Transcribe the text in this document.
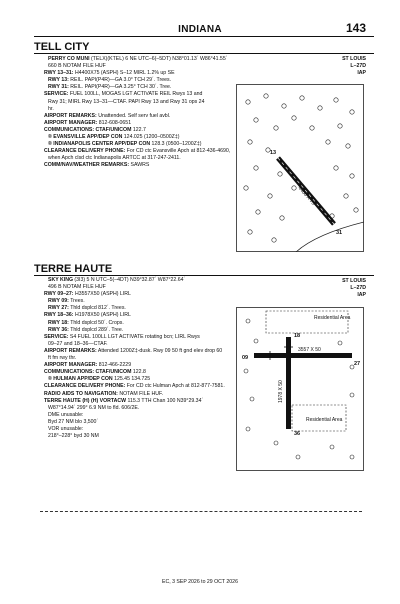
INDIANA	143
TELL CITY
ST LOUIS
L–27D
IAP
PERRY CO MUNI (TELX)(KTEL) 6 NE UTC–6(–5DT) N38°01.13´ W86°41.55´
660 B NOTAM FILE HUF
RWY 13–31: H4400X75 (ASPH) S–12 MIRL 1.2% up SE
RWY 13: REIL. PAPI(P4R)—GA 3.0° TCH 29´. Trees.
RWY 31: REIL. PAPI(P4R)—GA 3.25° TCH 30´. Tree.
SERVICE: FUEL 100LL, MOGAS LGT ACTIVATE REIL Rwys 13 and
Rwy 31; MIRL Rwy 13–31—CTAF. PAPI Rwy 13 and Rwy 31 ops 24
hr.
AIRPORT REMARKS: Unattended. Self serv fuel avbl.
AIRPORT MANAGER: 812-608-0651
COMMUNICATIONS: CTAF/UNICOM 122.7
® EVANSVILLE APP/DEP CON 124.025 (1200–0500Z‡)
® INDIANAPOLIS CENTER APP/DEP CON 128.3 (0500–1200Z‡)
CLEARANCE DELIVERY PHONE: For CD ctc Evansville Apch at 812-436-4690,
when Apch clsd ctc Indianapolis ARTCC at 317-247-2411.
COMM/NAV/WEATHER REMARKS: SAWRS
4400 X 75
13
31
TERRE HAUTE
ST LOUIS
L–27D
IAP
SKY KING (3I3) 5 N UTC–5(–4DT) N39°32.87´ W87°22.64´
496 B NOTAM FILE HUF
RWY 09–27: H3557X50 (ASPH) LIRL
RWY 09: Trees.
RWY 27: Thld dsplcd 812´. Trees.
RWY 18–36: H1978X50 (ASPH) LIRL
RWY 18: Thld dsplcd 50´. Crops.
RWY 36: Thld dsplcd 289´. Tree.
SERVICE: S4 FUEL 100LL LGT ACTIVATE rotating bcn; LIRL Rwys
09–27 and 18–36—CTAF.
AIRPORT REMARKS: Attended 1200Z‡-dusk. Rwy 09 50 ft gnd elev drop 60
ft fm rwy thr.
AIRPORT MANAGER: 812-466-2229
COMMUNICATIONS: CTAF/UNICOM 122.8
® HULMAN APP/DEP CON 125.45 134.725
CLEARANCE DELIVERY PHONE: For CD ctc Hulman Apch at 812-877-7581.
RADIO AIDS TO NAVIGATION: NOTAM FILE HUF.
TERRE HAUTE (H) (H) VORTACW 115.3 TTH Chan 100 N39°29.34´
W87°14.94´ 299° 6.9 NM to fld. 606/2E.
DME unusable:
Byd 27 NM blo 3,500´
VOR unusable:
218°–228° byd 30 NM
Residential Area
Residential Area
3557 X 50
1978 X 50
09
27
18
36
EC, 3 SEP 2026 to 29 OCT 2026
